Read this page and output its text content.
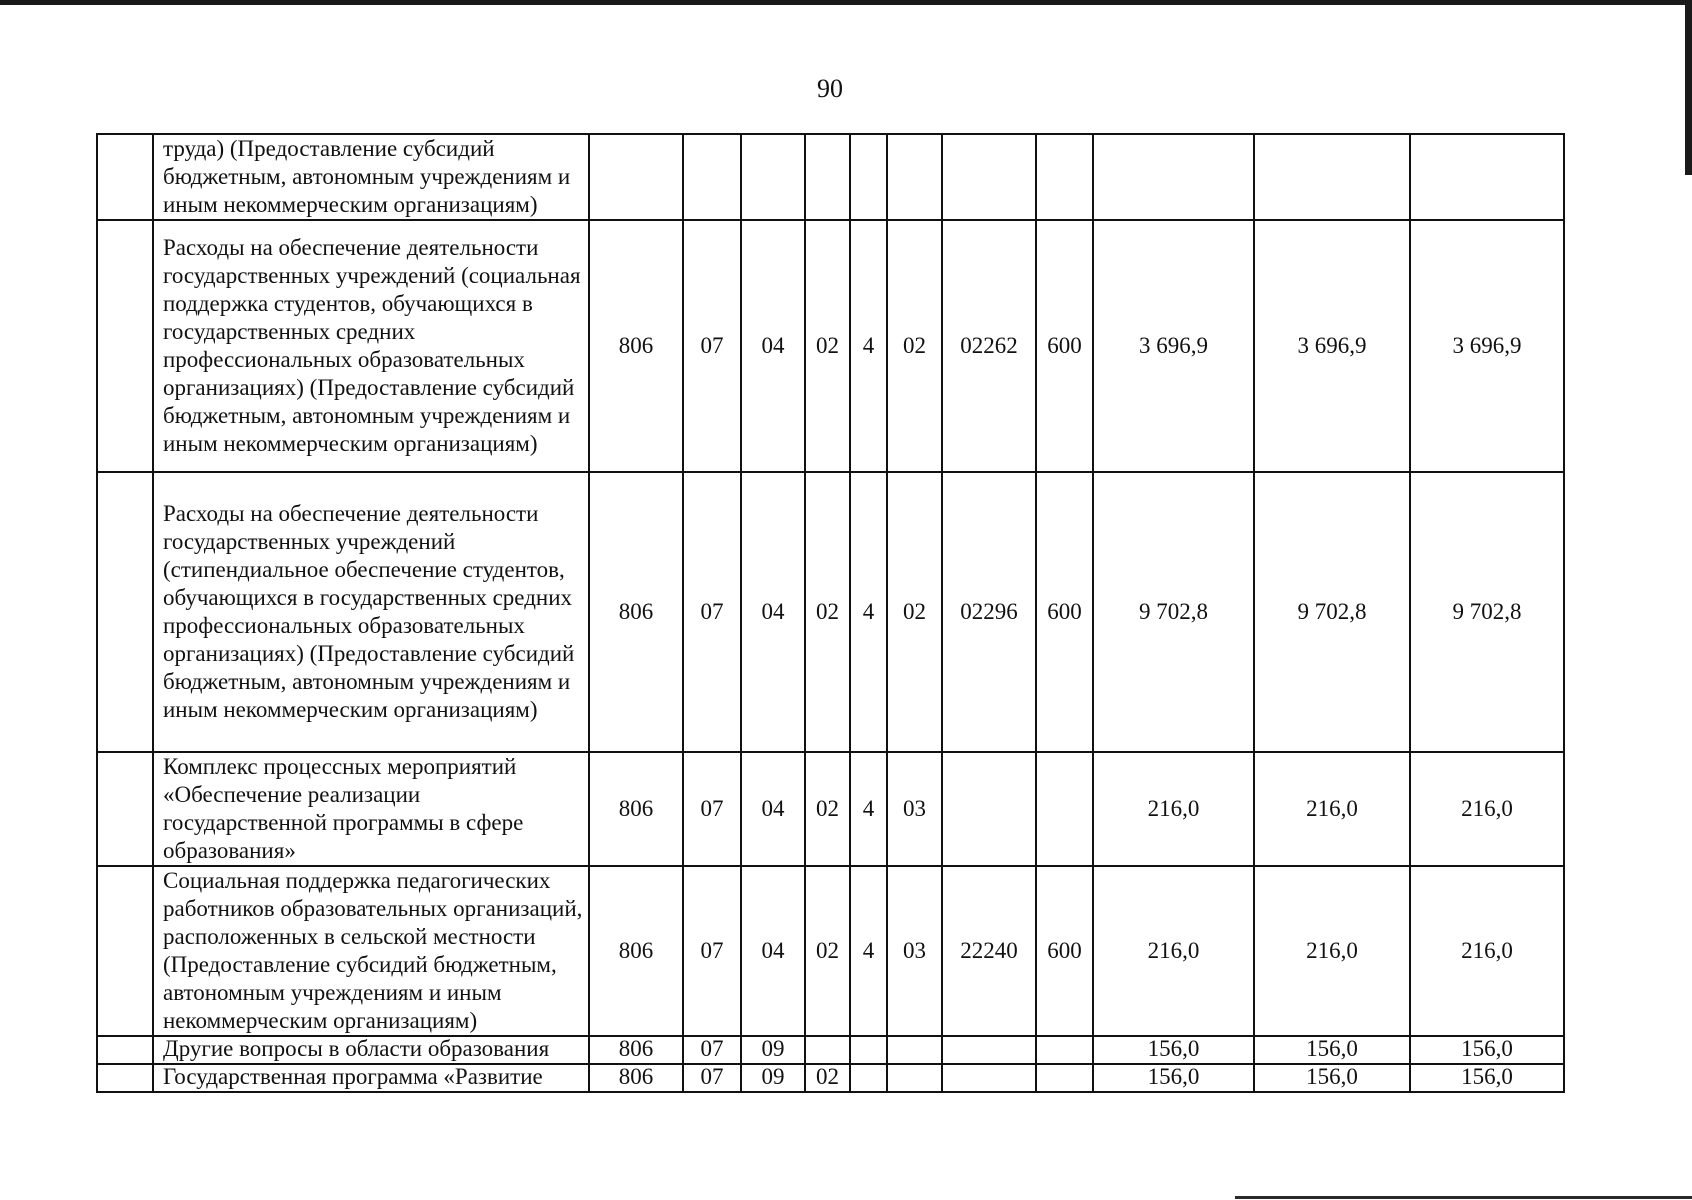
90
	труда) (Предоставление субсидий бюджетным, автономным учреждениям и иным некоммерческим организациям)											
	Расходы на обеспечение деятельности государственных учреждений (социальная поддержка студентов, обучающихся в государственных средних профессиональных образовательных организациях) (Предоставление субсидий бюджетным, автономным учреждениям и иным некоммерческим организациям)	806	07	04	02	4	02	02262	600	3 696,9	3 696,9	3 696,9
	Расходы на обеспечение деятельности государственных учреждений (стипендиальное обеспечение студентов, обучающихся в государственных средних профессиональных образовательных организациях) (Предоставление субсидий бюджетным, автономным учреждениям и иным некоммерческим организациям)	806	07	04	02	4	02	02296	600	9 702,8	9 702,8	9 702,8
	Комплекс процессных мероприятий «Обеспечение реализации государственной программы в сфере образования»	806	07	04	02	4	03			216,0	216,0	216,0
	Социальная поддержка педагогических работников образовательных организаций, расположенных в сельской местности (Предоставление субсидий бюджетным, автономным учреждениям и иным некоммерческим организациям)	806	07	04	02	4	03	22240	600	216,0	216,0	216,0
	Другие вопросы в области образования	806	07	09						156,0	156,0	156,0
	Государственная программа «Развитие	806	07	09	02					156,0	156,0	156,0
